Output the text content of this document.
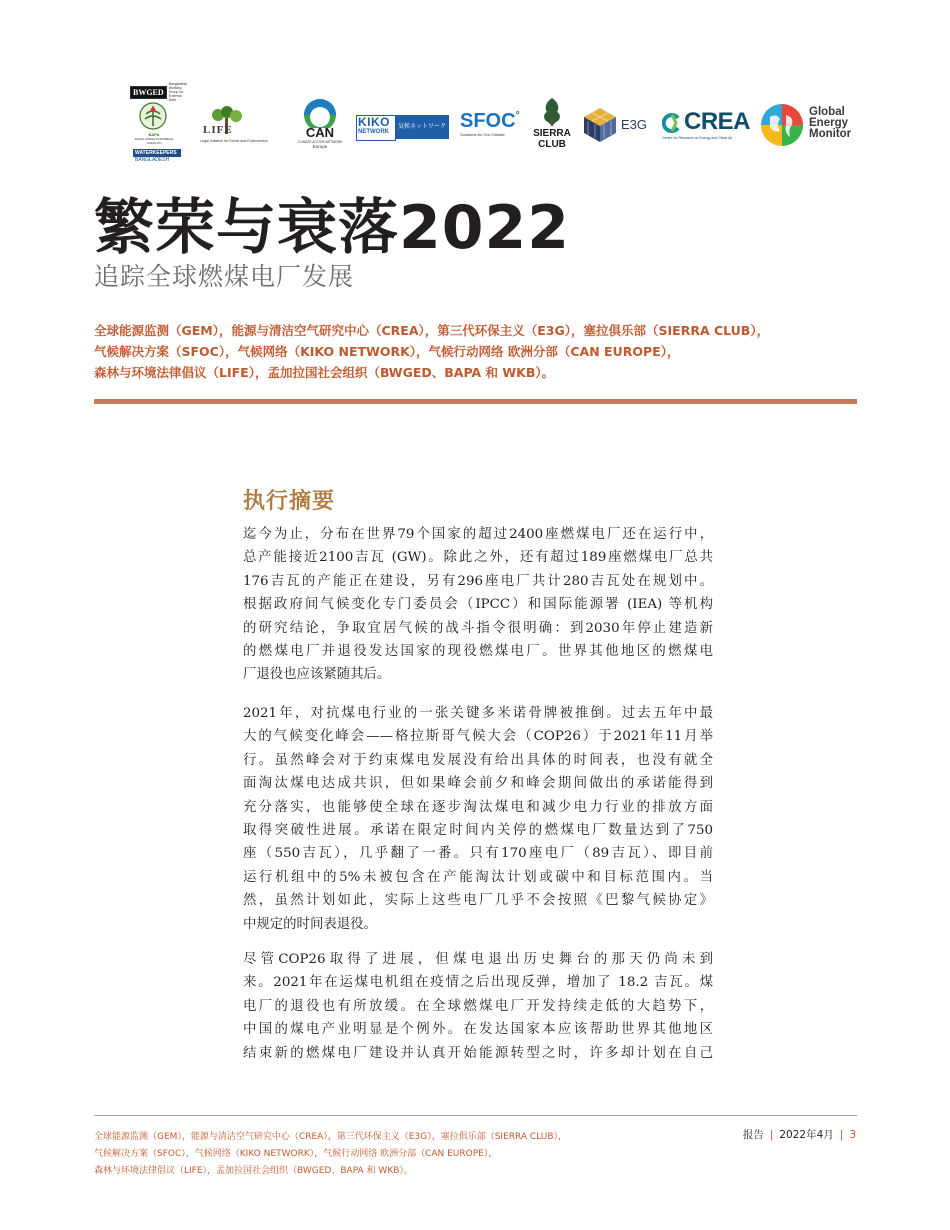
BWGED
Bangladesh Working Group on External Debt
BAPA
BANGLADESH POROBESH ANDOLON
WATERKEEPERS
BANGLADESH
LIFE
Legal Initiative for Forest and Environment
CAN
CLIMATE ACTION NETWORK
Europe
KIKO
NETWORK
気候ネットワーク SFOC°
Solutions for Our Climate	SIERRA
CLUB
E3G CREA
Centre for Research on Energy and Clean Air
Global
Energy
Monitor
繁荣与衰落2022
追踪全球燃煤电厂发展
全球能源监测（GEM），能源与清洁空气研究中心（CREA），第三代环保主义（E3G），塞拉俱乐部（SIERRA CLUB），
气候解决方案（SFOC），气候网络（KIKO NETWORK），气候行动网络 欧洲分部（CAN EUROPE），
森林与环境法律倡议（LIFE），孟加拉国社会组织（BWGED、BAPA 和 WKB）。
执行摘要
迄今为止，分布在世界79个国家的超过2400座燃煤电厂还在运行中，
总产能接近2100吉瓦 (GW)。除此之外，还有超过189座燃煤电厂总共
176吉瓦的产能正在建设，另有296座电厂共计280吉瓦处在规划中。
根据政府间气候变化专门委员会（IPCC）和国际能源署 (IEA) 等机构
的研究结论，争取宜居气候的战斗指令很明确：到2030年停止建造新
的燃煤电厂并退役发达国家的现役燃煤电厂。世界其他地区的燃煤电
厂退役也应该紧随其后。
2021年，对抗煤电行业的一张关键多米诺骨牌被推倒。过去五年中最
大的气候变化峰会——格拉斯哥气候大会（COP26）于2021年11月举
行。虽然峰会对于约束煤电发展没有给出具体的时间表，也没有就全
面淘汰煤电达成共识，但如果峰会前夕和峰会期间做出的承诺能得到
充分落实，也能够使全球在逐步淘汰煤电和减少电力行业的排放方面
取得突破性进展。承诺在限定时间内关停的燃煤电厂数量达到了750
座（550吉瓦），几乎翻了一番。只有170座电厂（89吉瓦）、即目前
运行机组中的5%未被包含在产能淘汰计划或碳中和目标范围内。当
然，虽然计划如此，实际上这些电厂几乎不会按照《巴黎气候协定》
中规定的时间表退役。
尽管COP26取得了进展，但煤电退出历史舞台的那天仍尚未到
来。2021年在运煤电机组在疫情之后出现反弹，增加了 18.2 吉瓦。煤
电厂的退役也有所放缓。在全球燃煤电厂开发持续走低的大趋势下，
中国的煤电产业明显是个例外。在发达国家本应该帮助世界其他地区
结束新的燃煤电厂建设并认真开始能源转型之时，许多却计划在自己
全球能源监测（GEM），能源与清洁空气研究中心（CREA），第三代环保主义（E3G），塞拉俱乐部（SIERRA CLUB），
气候解决方案（SFOC），气候网络（KIKO NETWORK），气候行动网络 欧洲分部（CAN EUROPE），
森林与环境法律倡议（LIFE），孟加拉国社会组织（BWGED、BAPA 和 WKB）。
报告 | 2022年4月 | 3
